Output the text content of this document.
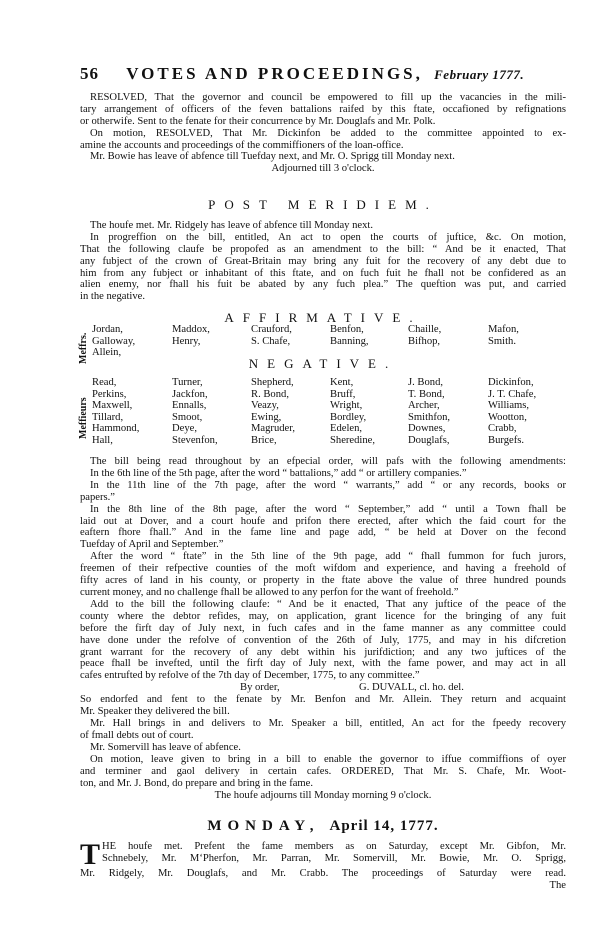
56 VOTES AND PROCEEDINGS, February 1777.
RESOLVED, That the governor and council be empowered to fill up the vacancies in the mili-
tary arrangement of officers of the feven battalions raifed by this ftate, occafioned by refignations
or otherwife. Sent to the fenate for their concurrence by Mr. Douglafs and Mr. Polk.
On motion, RESOLVED, That Mr. Dickinfon be added to the committee appointed to ex-
amine the accounts and proceedings of the commiffioners of the loan-office.
Mr. Bowie has leave of abfence till Tuefday next, and Mr. O. Sprigg till Monday next.
Adjourned till 3 o'clock.
POST MERIDIEM.
The houfe met. Mr. Ridgely has leave of abfence till Monday next.
In progreffion on the bill, entitled, An act to open the courts of juftice, &c. On motion,
That the following claufe be propofed as an amendment to the bill: “ And be it enacted, That
any fubject of the crown of Great-Britain may bring any fuit for the recovery of any debt due to
him from any fubject or inhabitant of this ftate, and on fuch fuit he fhall not be confidered as an
alien enemy, nor fhall his fuit be abated by any fuch plea.” The queftion was put, and carried
in the negative.
AFFIRMATIVE.
Meffrs.
Jordan,	Maddox,	Crauford,	Benfon,	Chaille,	Mafon,
Galloway,	Henry,	S. Chafe,	Banning,	Bifhop,	Smith.
Allein,
NEGATIVE.
Meffieurs
Read,	Turner,	Shepherd,	Kent,	J. Bond,	Dickinfon,
Perkins,	Jackfon,	R. Bond,	Bruff,	T. Bond,	J. T. Chafe,
Maxwell,	Ennalls,	Veazy,	Wright,	Archer,	Williams,
Tillard,	Smoot,	Ewing,	Bordley,	Smithfon,	Wootton,
Hammond,	Deye,	Magruder,	Edelen,	Downes,	Crabb,
Hall,	Stevenfon,	Brice,	Sheredine,	Douglafs,	Burgefs.
The bill being read throughout by an efpecial order, will pafs with the following amendments:
In the 6th line of the 5th page, after the word “ battalions,” add “ or artillery companies.”
In the 11th line of the 7th page, after the word “ warrants,” add “ or any records, books or
papers.”
In the 8th line of the 8th page, after the word “ September,” add “ until a Town fhall be
laid out at Dover, and a court houfe and prifon there erected, after which the faid court for the
eaftern fhore fhall.” And in the fame line and page add, “ be held at Dover on the fecond
Tuefday of April and September.”
After the word “ ftate” in the 5th line of the 9th page, add “ fhall fummon for fuch jurors,
freemen of their refpective counties of the moft wifdom and experience, and having a freehold of
fifty acres of land in his county, or property in the ftate above the value of three hundred pounds
current money, and no challenge fhall be allowed to any perfon for the want of freehold.”
Add to the bill the following claufe: “ And be it enacted, That any juftice of the peace of the
county where the debtor refides, may, on application, grant licence for the bringing of any fuit
before the firft day of July next, in fuch cafes and in the fame manner as any committee could
have done under the refolve of convention of the 26th of July, 1775, and may in his difcretion
grant warrant for the recovery of any debt within his jurifdiction; and any two juftices of the
peace fhall be invefted, until the firft day of July next, with the fame power, and may act in all
cafes entrufted by refolve of the 7th day of December, 1775, to any committee.”
By order,                              G. DUVALL, cl. ho. del.
So endorfed and fent to the fenate by Mr. Benfon and Mr. Allein. They return and acquaint
Mr. Speaker they delivered the bill.
Mr. Hall brings in and delivers to Mr. Speaker a bill, entitled, An act for the fpeedy recovery
of fmall debts out of court.
Mr. Somervill has leave of abfence.
On motion, leave given to bring in a bill to enable the governor to iffue commiffions of oyer
and terminer and gaol delivery in certain cafes. ORDERED, That Mr. S. Chafe, Mr. Woot-
ton, and Mr. J. Bond, do prepare and bring in the fame.
The houfe adjourns till Monday morning 9 o'clock.
MONDAY, April 14, 1777.
T HE houfe met. Prefent the fame members as on Saturday, except Mr. Gibfon, Mr.
Schnebely, Mr. M‘Pherfon, Mr. Parran, Mr. Somervill, Mr. Bowie, Mr. O. Sprigg,
Mr. Ridgely, Mr. Douglafs, and Mr. Crabb. The proceedings of Saturday were read.
The
